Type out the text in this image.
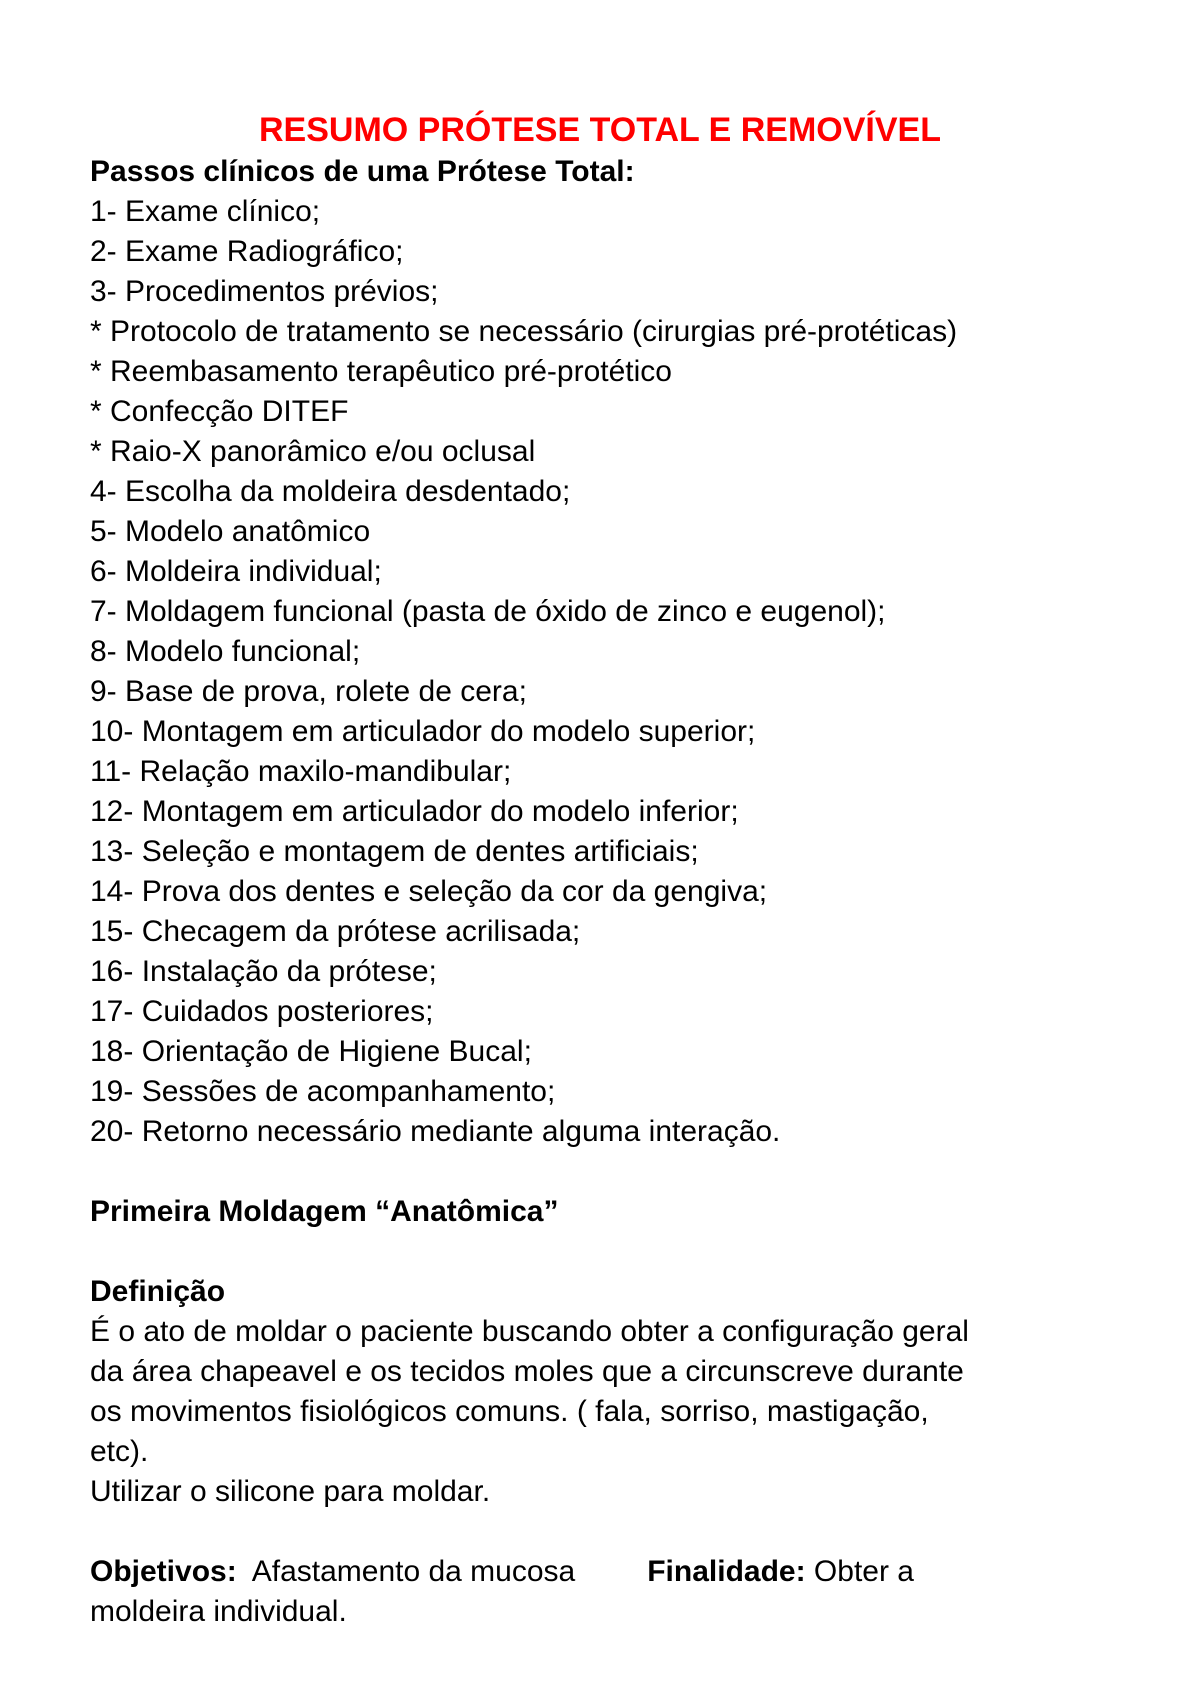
RESUMO PRÓTESE TOTAL E REMOVÍVEL

Passos clínicos de uma Prótese Total:

1- Exame clínico;

2- Exame Radiográfico;

3- Procedimentos prévios;

* Protocolo de tratamento se necessário (cirurgias pré-protéticas)

* Reembasamento terapêutico pré-protético

* Confecção DITEF

* Raio-X panorâmico e/ou oclusal

4- Escolha da moldeira desdentado;

5- Modelo anatômico

6- Moldeira individual;

7- Moldagem funcional (pasta de óxido de zinco e eugenol);

8- Modelo funcional;

9- Base de prova, rolete de cera;

10- Montagem em articulador do modelo superior;

11- Relação maxilo-mandibular;

12- Montagem em articulador do modelo inferior;

13- Seleção e montagem de dentes artificiais;

14- Prova dos dentes e seleção da cor da gengiva;

15- Checagem da prótese acrilisada;

16- Instalação da prótese;

17- Cuidados posteriores;

18- Orientação de Higiene Bucal;

19- Sessões de acompanhamento;

20- Retorno necessário mediante alguma interação.

Primeira Moldagem “Anatômica”

Definição

É o ato de moldar o paciente buscando obter a configuração geral

da área chapeavel e os tecidos moles que a circunscreve durante

os movimentos fisiológicos comuns. ( fala, sorriso, mastigação,

etc).

Utilizar o silicone para moldar.

Objetivos:  Afastamento da mucosa Finalidade: Obter a

moldeira individual.
